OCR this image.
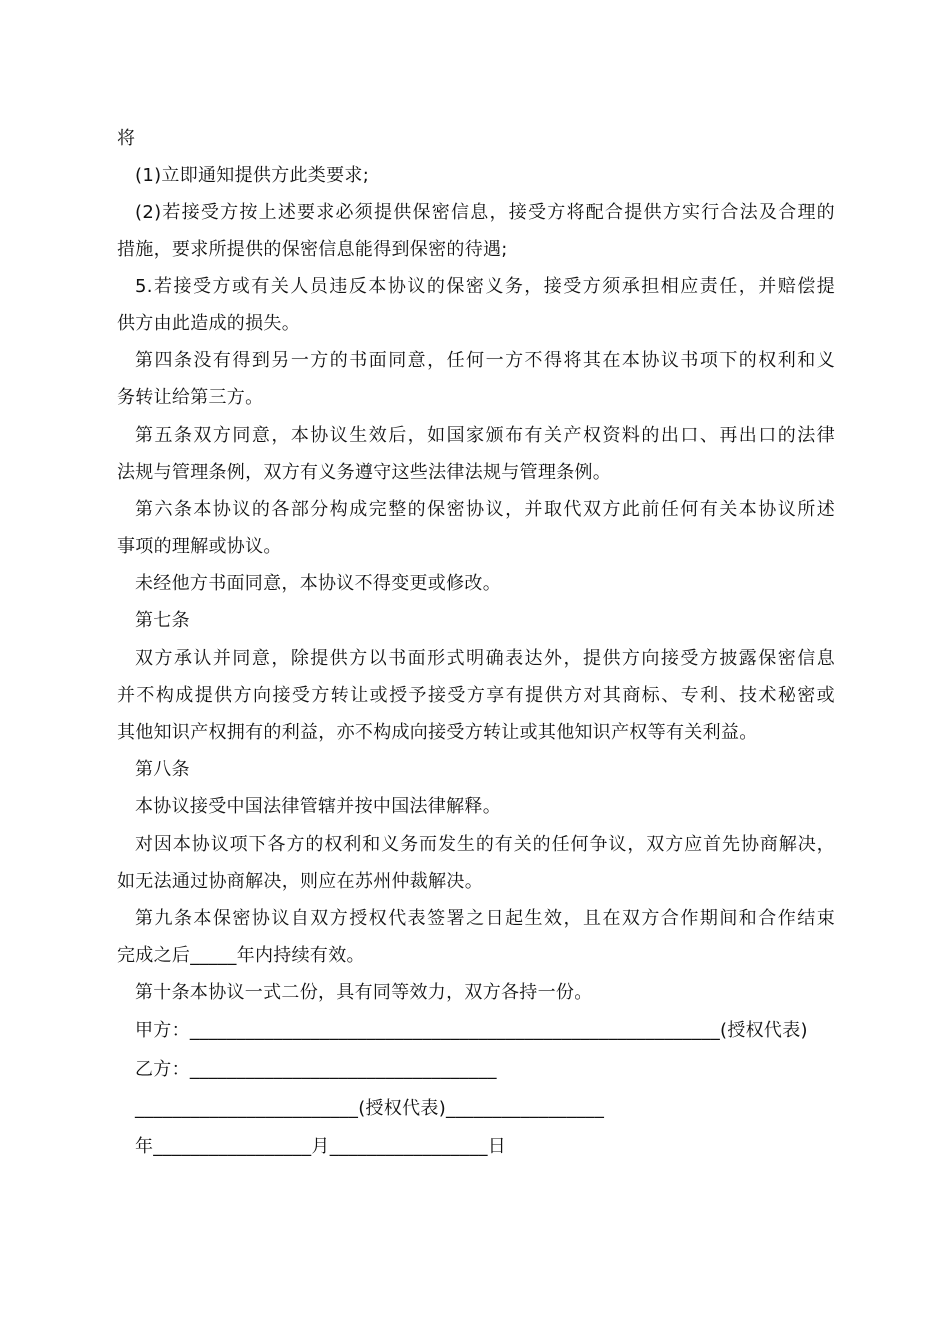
将
(1)立即通知提供方此类要求;
(2)若接受方按上述要求必须提供保密信息，接受方将配合提供方实行合法及合理的
措施，要求所提供的保密信息能得到保密的待遇;
5.若接受方或有关人员违反本协议的保密义务，接受方须承担相应责任，并赔偿提
供方由此造成的损失。
第四条没有得到另一方的书面同意，任何一方不得将其在本协议书项下的权利和义
务转让给第三方。
第五条双方同意，本协议生效后，如国家颁布有关产权资料的出口、再出口的法律
法规与管理条例，双方有义务遵守这些法律法规与管理条例。
第六条本协议的各部分构成完整的保密协议，并取代双方此前任何有关本协议所述
事项的理解或协议。
未经他方书面同意，本协议不得变更或修改。
第七条
双方承认并同意，除提供方以书面形式明确表达外，提供方向接受方披露保密信息
并不构成提供方向接受方转让或授予接受方享有提供方对其商标、专利、技术秘密或
其他知识产权拥有的利益，亦不构成向接受方转让或其他知识产权等有关利益。
第八条
本协议接受中国法律管辖并按中国法律解释。
对因本协议项下各方的权利和义务而发生的有关的任何争议，双方应首先协商解决，
如无法通过协商解决，则应在苏州仲裁解决。
第九条本保密协议自双方授权代表签署之日起生效，且在双方合作期间和合作结束
完成之后_____年内持续有效。
第十条本协议一式二份，具有同等效力，双方各持一份。
甲方：_________________________________________________________(授权代表)
乙方：_________________________________
________________________(授权代表)_________________
年_________________月_________________日
